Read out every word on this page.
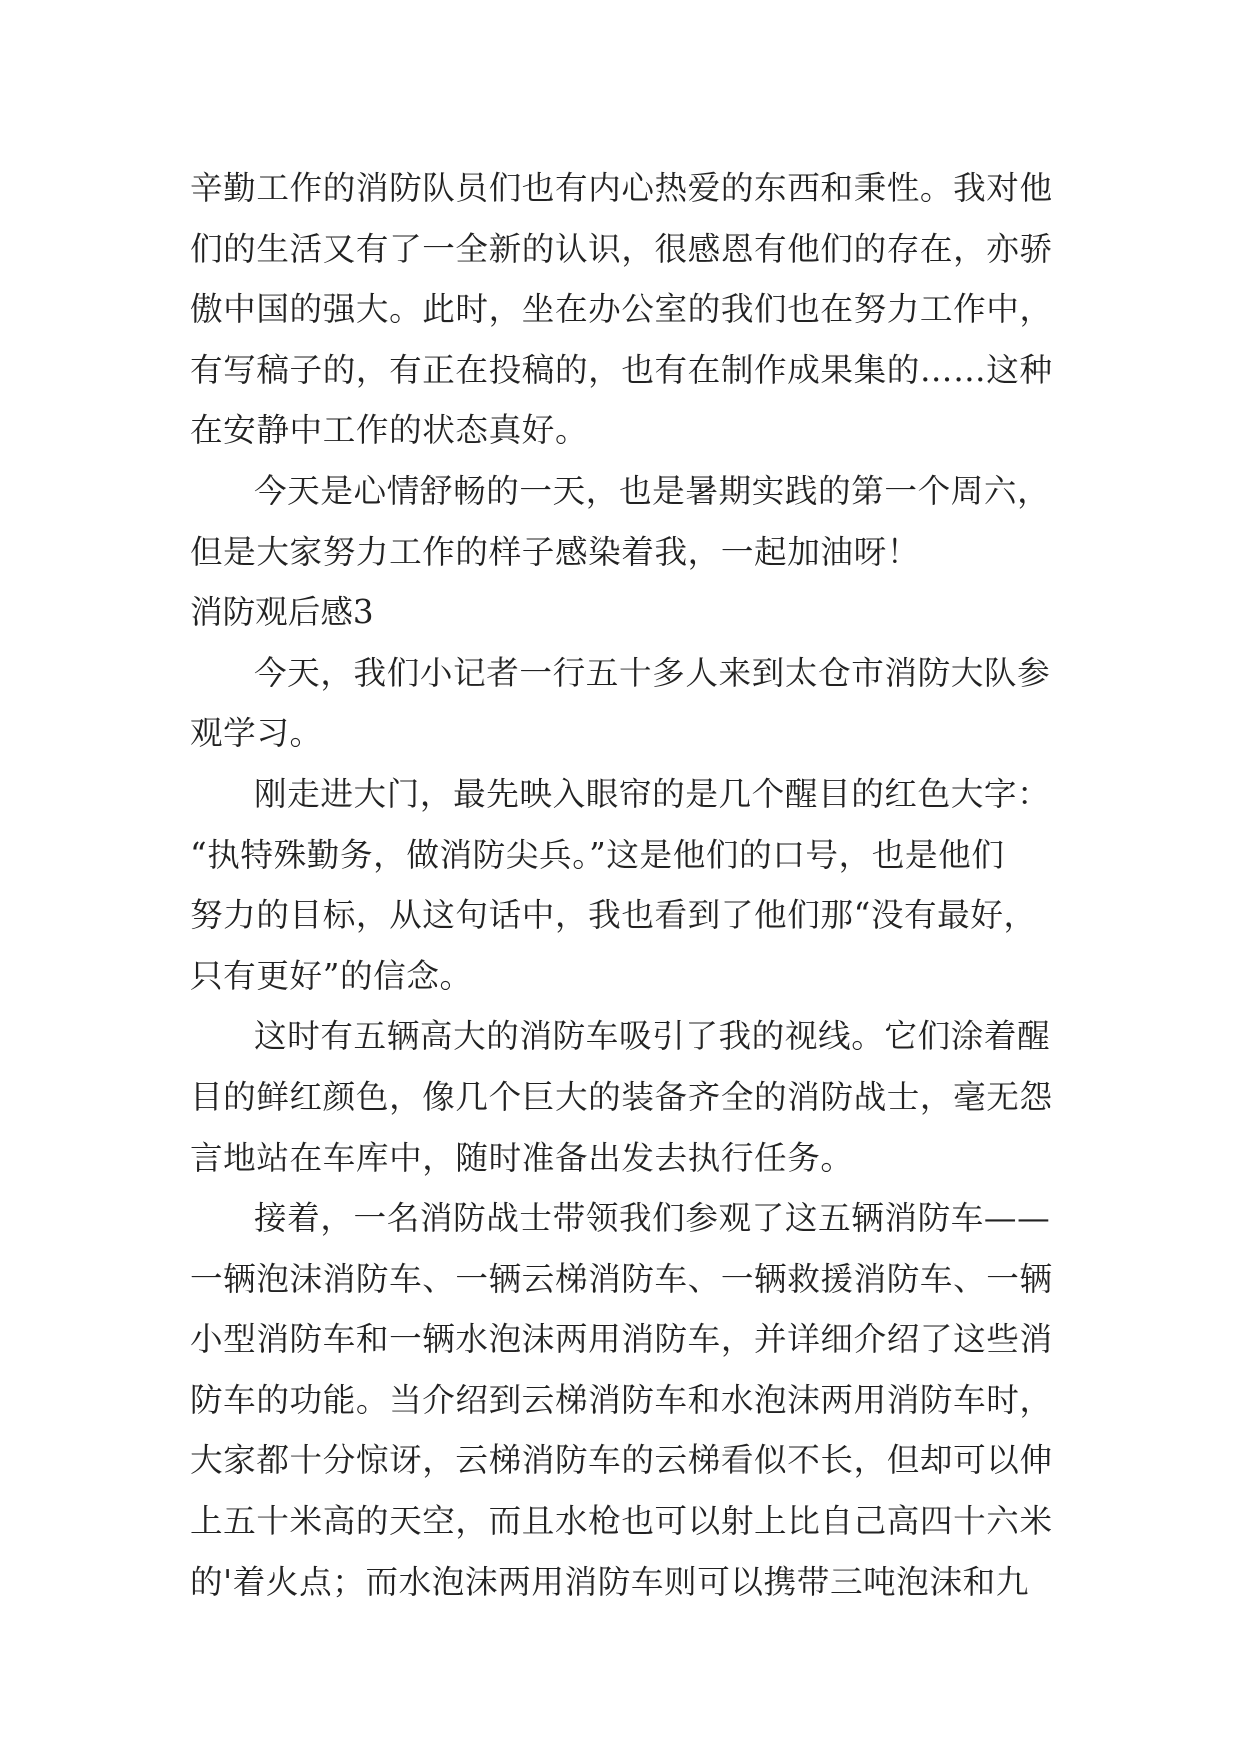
辛勤工作的消防队员们也有内心热爱的东西和秉性。我对他
们的生活又有了一全新的认识，很感恩有他们的存在，亦骄
傲中国的强大。此时，坐在办公室的我们也在努力工作中，
有写稿子的，有正在投稿的，也有在制作成果集的……这种
在安静中工作的状态真好。
今天是心情舒畅的一天，也是暑期实践的第一个周六，
但是大家努力工作的样子感染着我，一起加油呀！
消防观后感3
今天，我们小记者一行五十多人来到太仓市消防大队参
观学习。
刚走进大门，最先映入眼帘的是几个醒目的红色大字：
“执特殊勤务，做消防尖兵。”这是他们的口号，也是他们
努力的目标，从这句话中，我也看到了他们那“没有最好，
只有更好”的信念。
这时有五辆高大的消防车吸引了我的视线。它们涂着醒
目的鲜红颜色，像几个巨大的装备齐全的消防战士，毫无怨
言地站在车库中，随时准备出发去执行任务。
接着，一名消防战士带领我们参观了这五辆消防车——
一辆泡沫消防车、一辆云梯消防车、一辆救援消防车、一辆
小型消防车和一辆水泡沫两用消防车，并详细介绍了这些消
防车的功能。当介绍到云梯消防车和水泡沫两用消防车时，
大家都十分惊讶，云梯消防车的云梯看似不长，但却可以伸
上五十米高的天空，而且水枪也可以射上比自己高四十六米
的'着火点；而水泡沫两用消防车则可以携带三吨泡沫和九
